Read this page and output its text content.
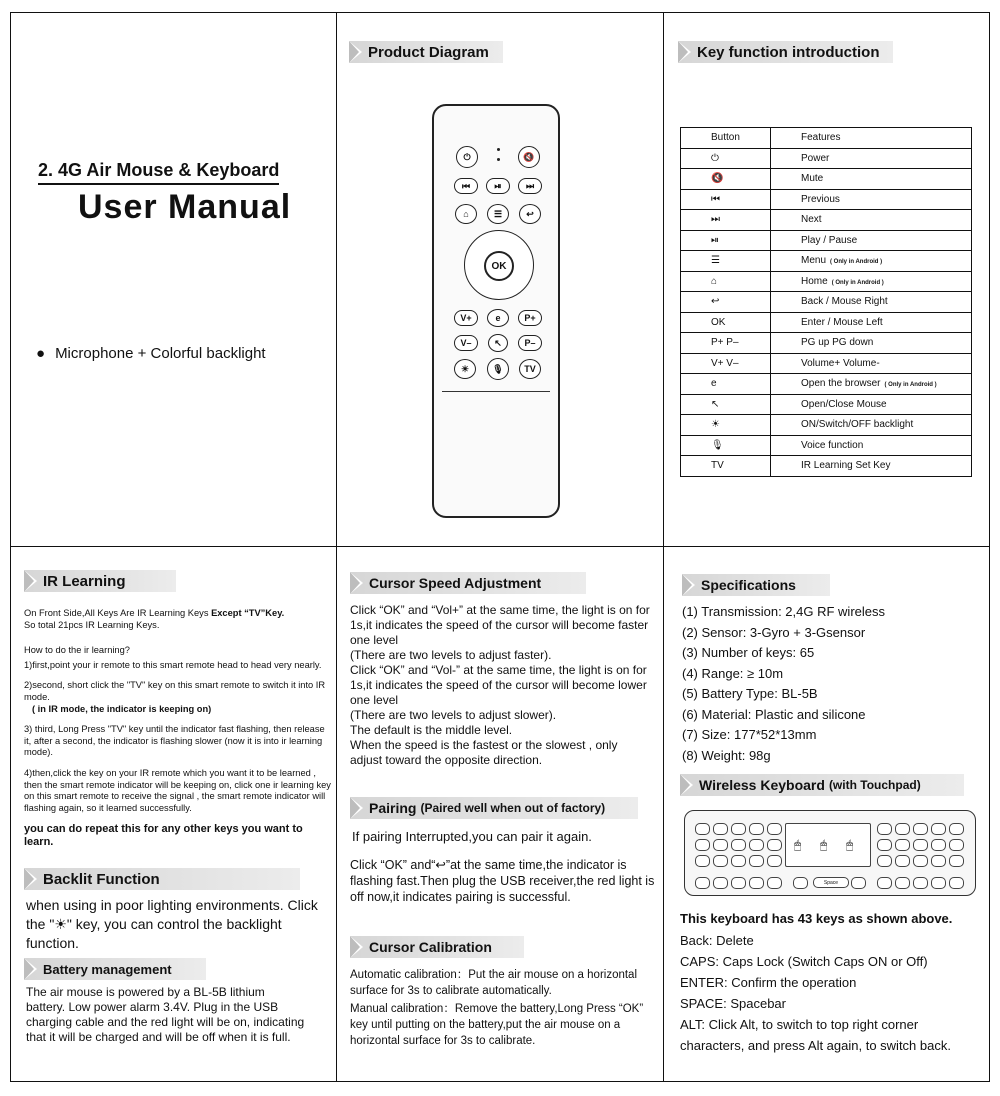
2. 4G Air Mouse & Keyboard
User Manual
● Microphone + Colorful backlight
Product Diagram
⏻	🔇
⏮	⏯	⏭
⌂	☰	↩
OK
V+	e	P+
V–	↖	P–
☀	🎙	TV
Key function introduction
Button	Features
⏻	Power
🔇	Mute
⏮	Previous
⏭	Next
⏯	Play / Pause
☰	Menu ( Only in Android )
⌂	Home ( Only in Android )
↩	Back / Mouse Right
OK	Enter / Mouse Left
P+ P–	PG up PG down
V+ V–	Volume+ Volume-
e	Open the browser ( Only in Android )
↖	Open/Close Mouse
☀	ON/Switch/OFF backlight
🎙	Voice function
TV	IR Learning Set Key
IR Learning

On Front Side,All Keys Are IR Learning Keys Except “TV”Key.

So total 21pcs IR Learning Keys.

How to do the ir learning?

1)first,point your ir remote to this smart remote head to head very nearly.

2)second, short click the "TV" key on this smart remote to switch it into IR mode.

( in IR mode, the indicator is keeping on)

3) third, Long Press "TV" key until the indicator fast flashing, then release it, after a second, the indicator is flashing slower (now it is into ir learning mode).

4)then,click the key on your IR remote which you want it to be learned , then the smart remote indicator will be keeping on, click one ir learning key on this smart remote to receive the signal , the smart remote indicator will flashing again, so it learned successfully.

you can do repeat this for any other keys you want to learn.

Backlit Function
when using in poor lighting environments. Click the "☀" key, you can control the backlight function.
Battery management
The air mouse is powered by a BL-5B lithium battery. Low power alarm 3.4V. Plug in the USB charging cable and the red light will be on, indicating that it will be charged and will be off when it is full.
Cursor Speed Adjustment

Click “OK” and “Vol+” at the same time, the light is on for 1s,it indicates the speed of the cursor will become faster one level

(There are two levels to adjust faster).

Click “OK” and “Vol-” at the same time, the light is on for 1s,it indicates the speed of the cursor will become lower one level

(There are two levels to adjust slower).

The default is the middle level.

When the speed is the fastest or the slowest , only adjust toward the opposite direction.

Pairing (Paired well when out of factory)
If pairing Interrupted,you can pair it again.
Click “OK” and“↩”at the same time,the indicator is flashing fast.Then plug the USB receiver,the red light is off now,it indicates pairing is successful.
Cursor Calibration
Automatic calibration：Put the air mouse on a horizontal surface for 3s to calibrate automatically.
Manual calibration：Remove the battery,Long Press “OK” key until putting on the battery,put the air mouse on a horizontal surface for 3s to calibrate.
Specifications
(1) Transmission: 2,4G RF wireless
(2) Sensor: 3-Gyro + 3-Gsensor
(3) Number of keys: 65
(4) Range: ≥ 10m
(5) Battery Type: BL-5B
(6) Material: Plastic and silicone
(7) Size: 177*52*13mm
(8) Weight: 98g
Wireless Keyboard (with Touchpad)
🖱 🖱 🖱
Space
This keyboard has 43 keys as shown above.
Back: Delete
CAPS: Caps Lock (Switch Caps ON or Off)
ENTER: Confirm the operation
SPACE: Spacebar
ALT: Click Alt, to switch to top right corner characters, and press Alt again, to switch back.
